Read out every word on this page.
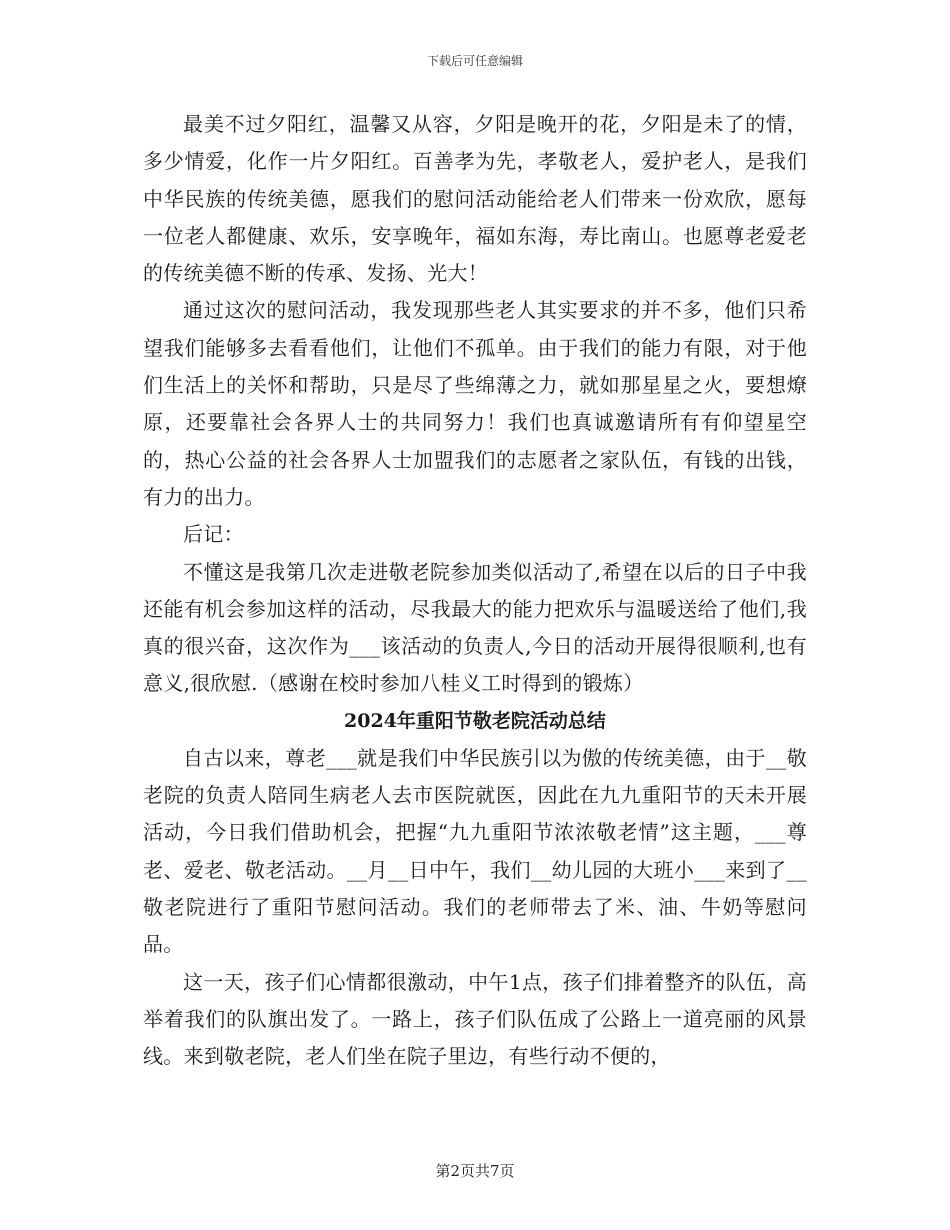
下载后可任意编辑

最美不过夕阳红，温馨又从容，夕阳是晚开的花，夕阳是未了的情，多少情爱，化作一片夕阳红。百善孝为先，孝敬老人，爱护老人，是我们中华民族的传统美德，愿我们的慰问活动能给老人们带来一份欢欣，愿每一位老人都健康、欢乐，安享晚年，福如东海，寿比南山。也愿尊老爱老的传统美德不断的传承、发扬、光大！

通过这次的慰问活动，我发现那些老人其实要求的并不多，他们只希望我们能够多去看看他们，让他们不孤单。由于我们的能力有限，对于他们生活上的关怀和帮助，只是尽了些绵薄之力，就如那星星之火，要想燎原，还要靠社会各界人士的共同努力！我们也真诚邀请所有有仰望星空的，热心公益的社会各界人士加盟我们的志愿者之家队伍，有钱的出钱，有力的出力。

后记：

不懂这是我第几次走进敬老院参加类似活动了,希望在以后的日子中我还能有机会参加这样的活动，尽我最大的能力把欢乐与温暖送给了他们,我真的很兴奋，这次作为___该活动的负责人,今日的活动开展得很顺利,也有意义,很欣慰.（感谢在校时参加八桂义工时得到的锻炼）

2024年重阳节敬老院活动总结

自古以来，尊老___就是我们中华民族引以为傲的传统美德，由于__敬老院的负责人陪同生病老人去市医院就医，因此在九九重阳节的天未开展活动，今日我们借助机会，把握“九九重阳节浓浓敬老情”这主题，___尊老、爱老、敬老活动。__月__日中午，我们__幼儿园的大班小___来到了__敬老院进行了重阳节慰问活动。我们的老师带去了米、油、牛奶等慰问品。

这一天，孩子们心情都很激动，中午1点，孩子们排着整齐的队伍，高举着我们的队旗出发了。一路上，孩子们队伍成了公路上一道亮丽的风景线。来到敬老院，老人们坐在院子里边，有些行动不便的，

第2页共7页
